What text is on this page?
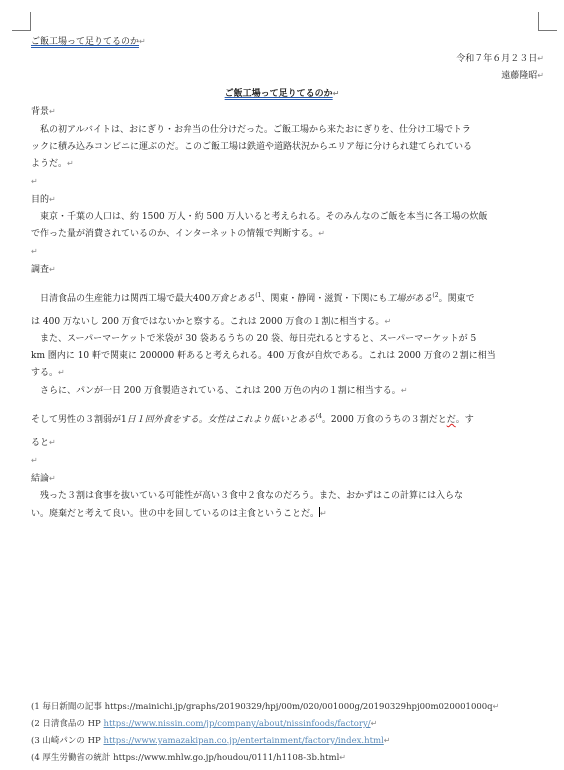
ご飯工場って足りてるのか↵
令和７年６月２３日↵
遠藤隆昭↵
ご飯工場って足りてるのか↵
背景↵
私の初アルバイトは、おにぎり・お弁当の仕分けだった。ご飯工場から来たおにぎりを、仕分け工場でトラ
ックに積み込みコンビニに運ぶのだ。このご飯工場は鉄道や道路状況からエリア毎に分けられ建てられている
ようだ。↵
↵
目的↵
東京・千葉の人口は、約 1500 万人・約 500 万人いると考えられる。そのみんなのご飯を本当に各工場の炊飯
で作った量が消費されているのか、インターネットの情報で判断する。↵
↵
調査↵
日清食品の生産能力は関西工場で最大400万食とある$^{(1}$、関東・静岡・滋賀・下関にも工場がある$^{(2}$。関東で
は 400 万ないし 200 万食ではないかと察する。これは 2000 万食の１割に相当する。↵
また、スーパーマーケットで米袋が 30 袋あるうちの 20 袋、毎日売れるとすると、スーパーマーケットが 5
km 圏内に 10 軒で関東に 200000 軒あると考えられる。400 万食が自炊である。これは 2000 万食の２割に相当
する。↵
さらに、パンが一日 200 万食製造されている、これは 200 万色の内の１割に相当する。↵
そして男性の３割弱が1日１回外食をする。女性はこれより低いとある$^{(4}$。2000 万食のうちの３割だとだ。す
ると↵
↵
結論↵
残った３割は食事を抜いている可能性が高い３食中２食なのだろう。また、おかずはこの計算には入らな
い。廃棄だと考えて良い。世の中を回しているのは主食ということだ。↵
(1 毎日新聞の記事 https://mainichi.jp/graphs/20190329/hpj/00m/020/001000g/20190329hpj00m020001000q↵
(2 日清食品の HP https://www.nissin.com/jp/company/about/nissinfoods/factory/↵
(3 山崎パンの HP https://www.yamazakipan.co.jp/entertainment/factory/index.html↵
(4 厚生労働省の統計 https://www.mhlw.go.jp/houdou/0111/h1108-3b.html↵
